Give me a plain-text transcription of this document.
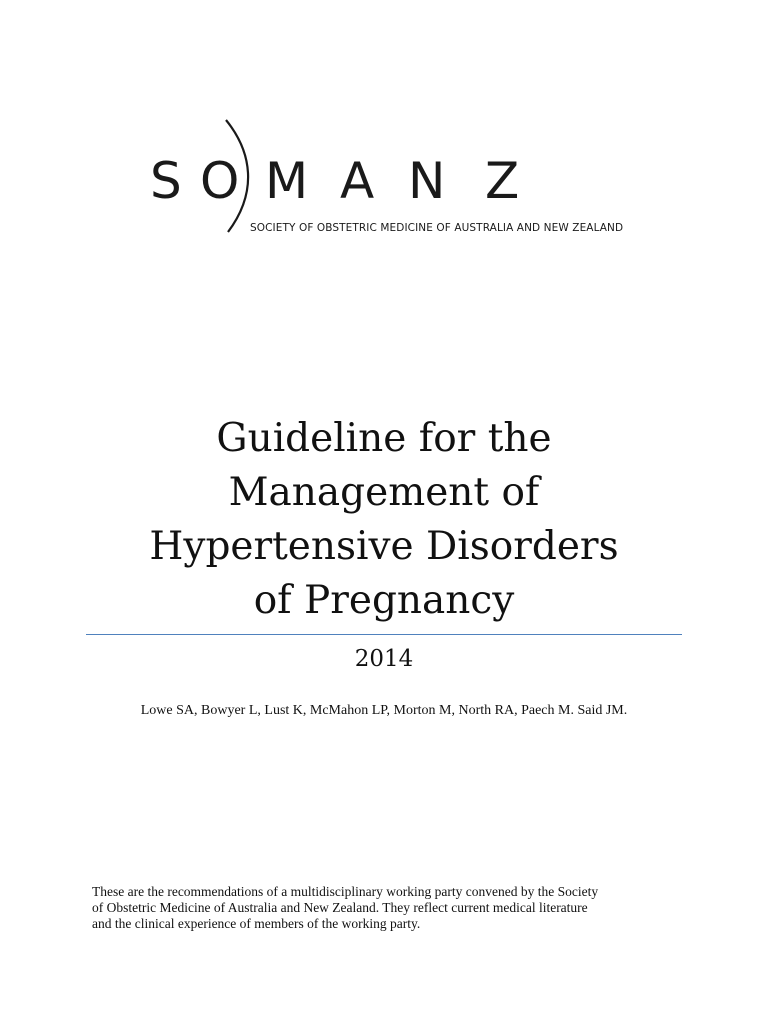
S O M A N Z
SOCIETY OF OBSTETRIC MEDICINE OF AUSTRALIA AND NEW ZEALAND
Guideline for the
Management of
Hypertensive Disorders
of Pregnancy
2014
Lowe SA, Bowyer L, Lust K, McMahon LP, Morton M, North RA, Paech M. Said JM.
These are the recommendations of a multidisciplinary working party convened by the Society
of Obstetric Medicine of Australia and New Zealand. They reflect current medical literature
and the clinical experience of members of the working party.
